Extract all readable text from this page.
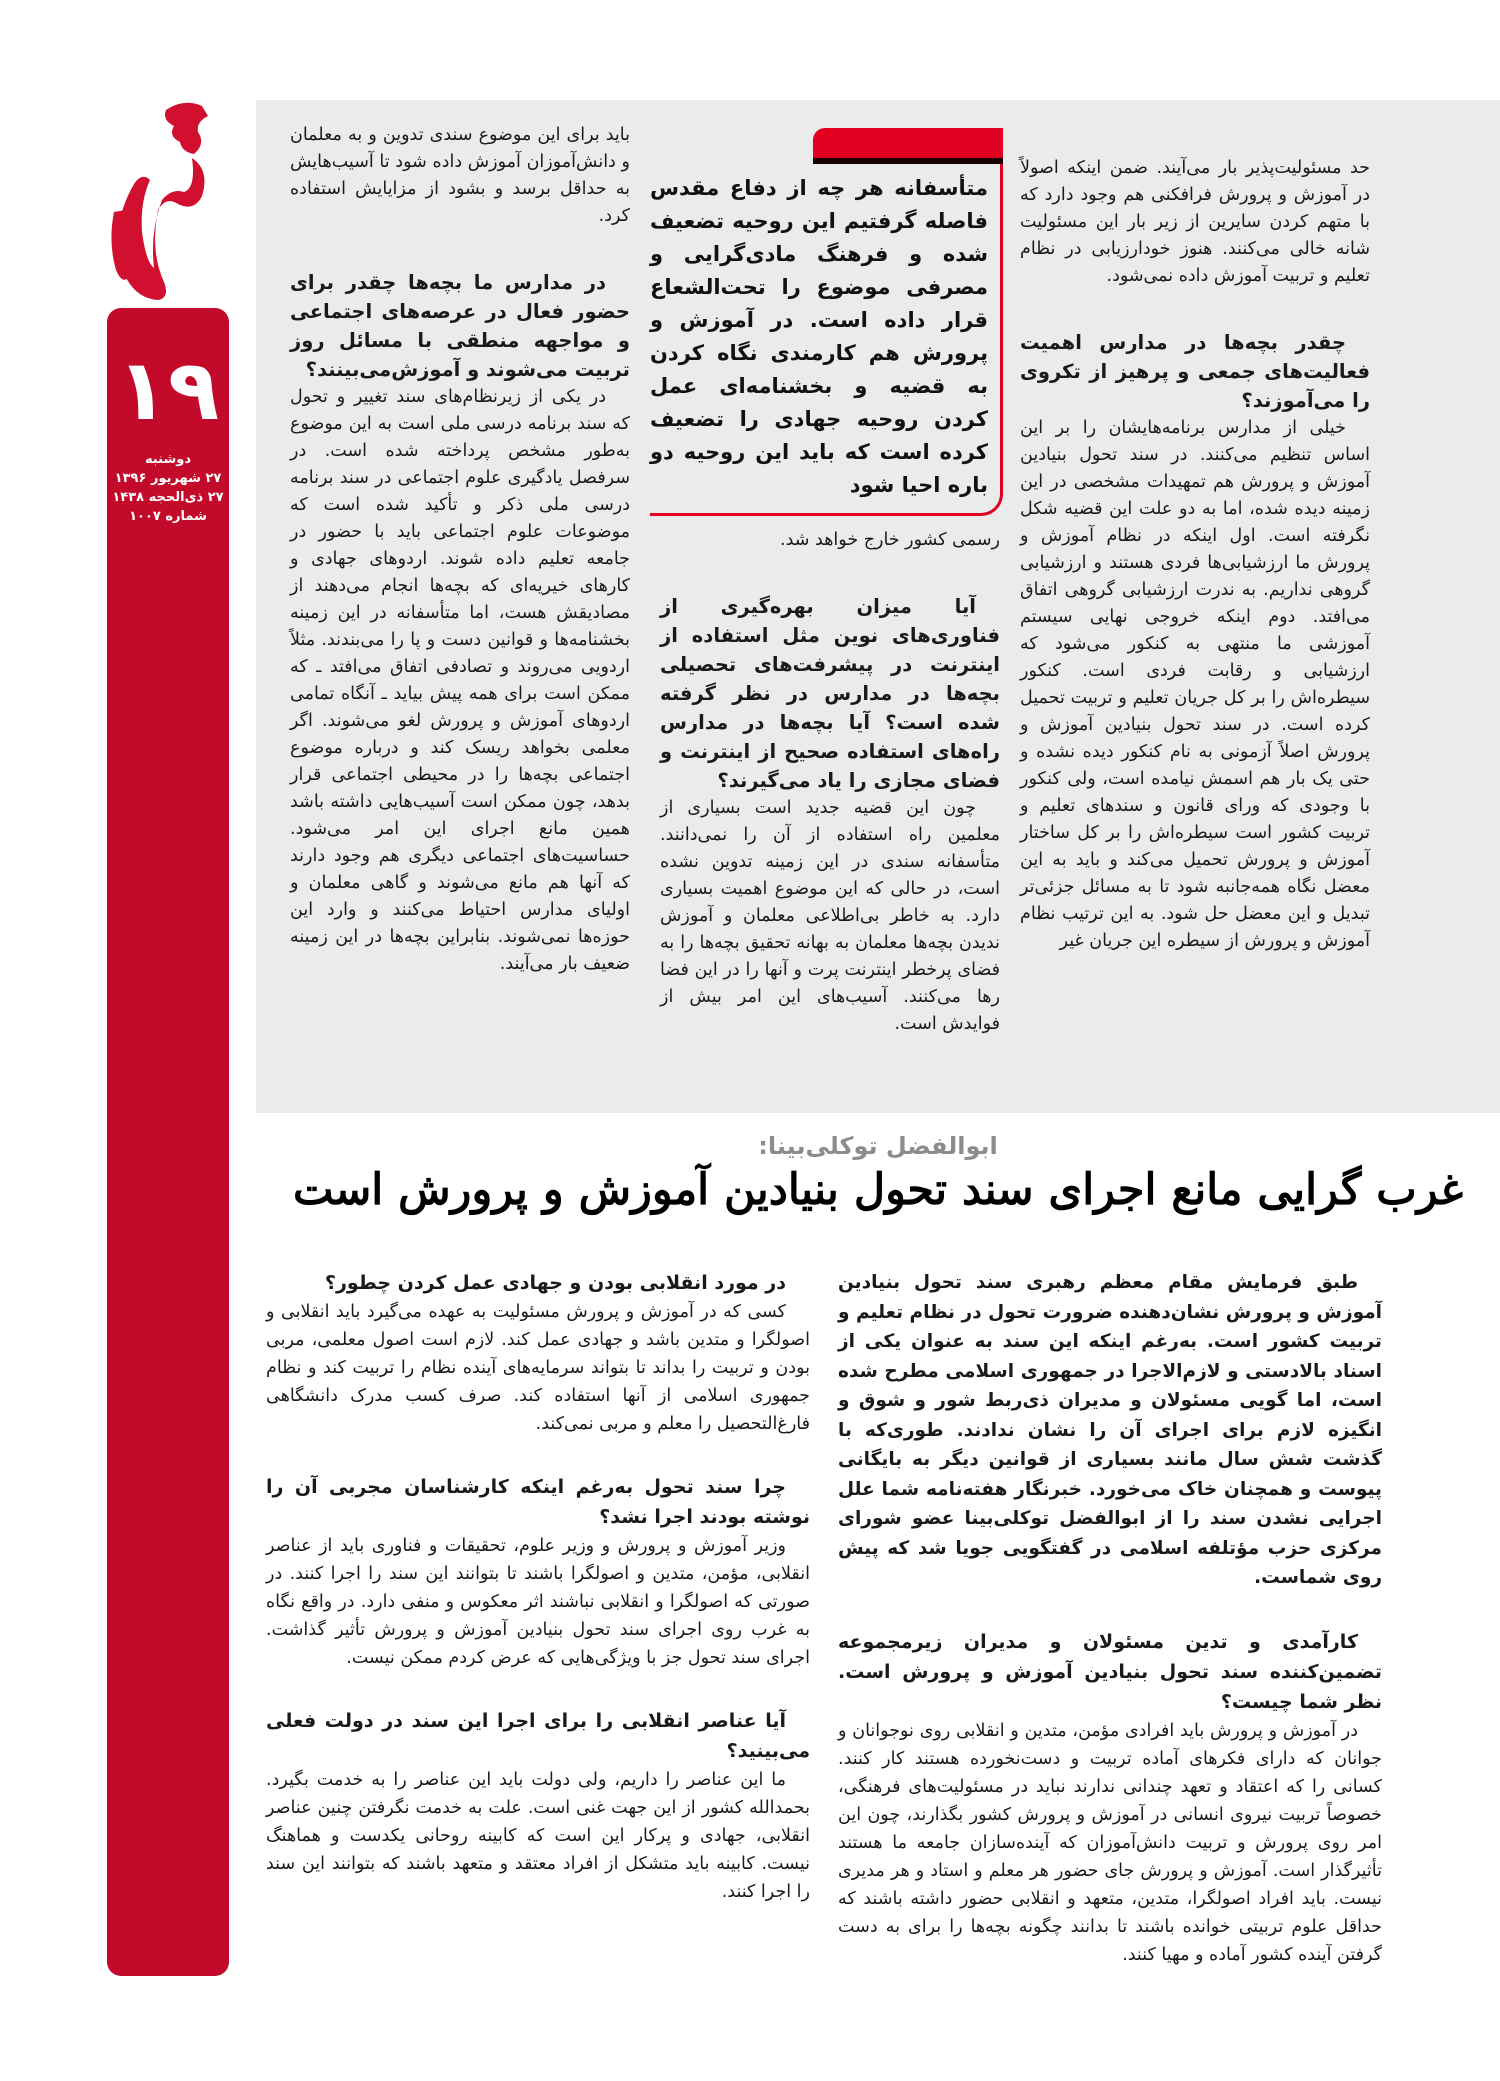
۱۹
دوشنبه
۲۷ شهریور ۱۳۹۶
۲۷ ذی‌الحجه ۱۴۳۸
شماره ۱۰۰۷

حد مسئولیت‌پذیر بار می‌آیند. ضمن اینکه اصولاً در آموزش و پرورش فرافکنی هم وجود دارد که با متهم کردن سایرین از زیر بار این مسئولیت شانه خالی می‌کنند. هنوز خودارزیابی در نظام تعلیم و تربیت آموزش داده نمی‌شود.

چقدر بچه‌ها در مدارس اهمیت فعالیت‌های جمعی و پرهیز از تکروی را می‌آموزند؟

خیلی از مدارس برنامه‌هایشان را بر این اساس تنظیم می‌کنند. در سند تحول بنیادین آموزش و پرورش هم تمهیدات مشخصی در این زمینه دیده شده، اما به دو علت این قضیه شکل نگرفته است. اول اینکه در نظام آموزش و پرورش ما ارزشیابی‌ها فردی هستند و ارزشیابی گروهی نداریم. به ندرت ارزشیابی گروهی اتفاق می‌افتد. دوم اینکه خروجی نهایی سیستم آموزشی ما منتهی به کنکور می‌شود که ارزشیابی و رقابت فردی است. کنکور سیطره‌اش را بر کل جریان تعلیم و تربیت تحمیل کرده است. در سند تحول بنیادین آموزش و پرورش اصلاً آزمونی به نام کنکور دیده نشده و حتی یک بار هم اسمش نیامده است، ولی کنکور با وجودی که ورای قانون و سندهای تعلیم و تربیت کشور است سیطره‌اش را بر کل ساختار آموزش و پرورش تحمیل می‌کند و باید به این معضل نگاه همه‌جانبه شود تا به مسائل جزئی‌تر تبدیل و این معضل حل شود. به این ترتیب نظام آموزش و پرورش از سیطره این جریان غیر

متأسفانه هر چه از دفاع مقدس فاصله گرفتیم این روحیه تضعیف شده و فرهنگ مادی‌گرایی و مصرفی موضوع را تحت‌الشعاع قرار داده است. در آموزش و پرورش هم کارمندی نگاه کردن به قضیه و بخشنامه‌ای عمل کردن روحیه جهادی را تضعیف کرده است که باید این روحیه دو باره احیا شود

رسمی کشور خارج خواهد شد.

آیا میزان بهره‌گیری از فناوری‌های نوین مثل استفاده از اینترنت در پیشرفت‌های تحصیلی بچه‌ها در مدارس در نظر گرفته شده است؟ آیا بچه‌ها در مدارس راه‌های استفاده صحیح از اینترنت و فضای مجازی را یاد می‌گیرند؟

چون این قضیه جدید است بسیاری از معلمین راه استفاده از آن را نمی‌دانند. متأسفانه سندی در این زمینه تدوین نشده است، در حالی که این موضوع اهمیت بسیاری دارد. به خاطر بی‌اطلاعی معلمان و آموزش ندیدن بچه‌ها معلمان به بهانه تحقیق بچه‌ها را به فضای پرخطر اینترنت پرت و آنها را در این فضا رها می‌کنند. آسیب‌های این امر بیش از فوایدش است.

باید برای این موضوع سندی تدوین و به معلمان و دانش‌آموزان آموزش داده شود تا آسیب‌هایش به حداقل برسد و بشود از مزایایش استفاده کرد.

در مدارس ما بچه‌ها چقدر برای حضور فعال در عرصه‌های اجتماعی و مواجهه منطقی با مسائل روز تربیت می‌شوند و آموزش‌می‌بینند؟

در یکی از زیرنظام‌های سند تغییر و تحول که سند برنامه درسی ملی است به این موضوع به‌طور مشخص پرداخته شده است. در سرفصل یادگیری علوم اجتماعی در سند برنامه درسی ملی ذکر و تأکید شده است که موضوعات علوم اجتماعی باید با حضور در جامعه تعلیم داده شوند. اردوهای جهادی و کارهای خیریه‌ای که بچه‌ها انجام می‌دهند از مصادیقش هست، اما متأسفانه در این زمینه بخشنامه‌ها و قوانین دست و پا را می‌بندند. مثلاً اردویی می‌روند و تصادفی اتفاق می‌افتد ـ که ممکن است برای همه پیش بیاید ـ آنگاه تمامی اردوهای آموزش و پرورش لغو می‌شوند. اگر معلمی بخواهد ریسک کند و درباره موضوع اجتماعی بچه‌ها را در محیطی اجتماعی قرار بدهد، چون ممکن است آسیب‌هایی داشته باشد همین مانع اجرای این امر می‌شود. حساسیت‌های اجتماعی دیگری هم وجود دارند که آنها هم مانع می‌شوند و گاهی معلمان و اولیای مدارس احتیاط می‌کنند و وارد این حوزه‌ها نمی‌شوند. بنابراین بچه‌ها در این زمینه ضعیف بار می‌آیند.

ابوالفضل توکلی‌بینا:
غرب گرایی مانع اجرای سند تحول بنیادین آموزش و پرورش است

طبق فرمایش مقام معظم رهبری سند تحول بنیادین آموزش و پرورش نشان‌دهنده ضرورت تحول در نظام تعلیم و تربیت کشور است. به‌رغم اینکه این سند به عنوان یکی از اسناد بالادستی و لازم‌الاجرا در جمهوری اسلامی مطرح شده است، اما گویی مسئولان و مدیران ذی‌ربط شور و شوق و انگیزه لازم برای اجرای آن را نشان ندادند. طوری‌که با گذشت شش سال مانند بسیاری از قوانین دیگر به بایگانی پیوست و همچنان خاک می‌خورد. خبرنگار هفته‌نامه شما علل اجرایی نشدن سند را از ابوالفضل توکلی‌بینا عضو شورای مرکزی حزب مؤتلفه اسلامی در گفتگویی جویا شد که پیش روی شماست.

کارآمدی و تدین مسئولان و مدیران زیرمجموعه تضمین‌کننده سند تحول بنیادین آموزش و پرورش است. نظر شما چیست؟

در آموزش و پرورش باید افرادی مؤمن، متدین و انقلابی روی نوجوانان و جوانان که دارای فکرهای آماده تربیت و دست‌نخورده هستند کار کنند. کسانی را که اعتقاد و تعهد چندانی ندارند نباید در مسئولیت‌های فرهنگی، خصوصاً تربیت نیروی انسانی در آموزش و پرورش کشور بگذارند، چون این امر روی پرورش و تربیت دانش‌آموزان که آینده‌سازان جامعه ما هستند تأثیرگذار است. آموزش و پرورش جای حضور هر معلم و استاد و هر مدیری نیست. باید افراد اصولگرا، متدین، متعهد و انقلابی حضور داشته باشند که حداقل علوم تربیتی خوانده باشند تا بدانند چگونه بچه‌ها را برای به دست گرفتن آینده کشور آماده و مهیا کنند.

در مورد انقلابی بودن و جهادی عمل کردن چطور؟

کسی که در آموزش و پرورش مسئولیت به عهده می‌گیرد باید انقلابی و اصولگرا و متدین باشد و جهادی عمل کند. لازم است اصول معلمی، مربی بودن و تربیت را بداند تا بتواند سرمایه‌های آینده نظام را تربیت کند و نظام جمهوری اسلامی از آنها استفاده کند. صرف کسب مدرک دانشگاهی فارغ‌التحصیل را معلم و مربی نمی‌کند.

چرا سند تحول به‌رغم اینکه کارشناسان مجربی آن را نوشته بودند اجرا نشد؟

وزیر آموزش و پرورش و وزیر علوم، تحقیقات و فناوری باید از عناصر انقلابی، مؤمن، متدین و اصولگرا باشند تا بتوانند این سند را اجرا کنند. در صورتی که اصولگرا و انقلابی نباشند اثر معکوس و منفی دارد. در واقع نگاه به غرب روی اجرای سند تحول بنیادین آموزش و پرورش تأثیر گذاشت. اجرای سند تحول جز با ویژگی‌هایی که عرض کردم ممکن نیست.

آیا عناصر انقلابی را برای اجرا این سند در دولت فعلی می‌بینید؟

ما این عناصر را داریم، ولی دولت باید این عناصر را به خدمت بگیرد. بحمدالله کشور از این جهت غنی است. علت به خدمت نگرفتن چنین عناصر انقلابی، جهادی و پرکار این است که کابینه روحانی یکدست و هماهنگ نیست. کابینه باید متشکل از افراد معتقد و متعهد باشند که بتوانند این سند را اجرا کنند.
